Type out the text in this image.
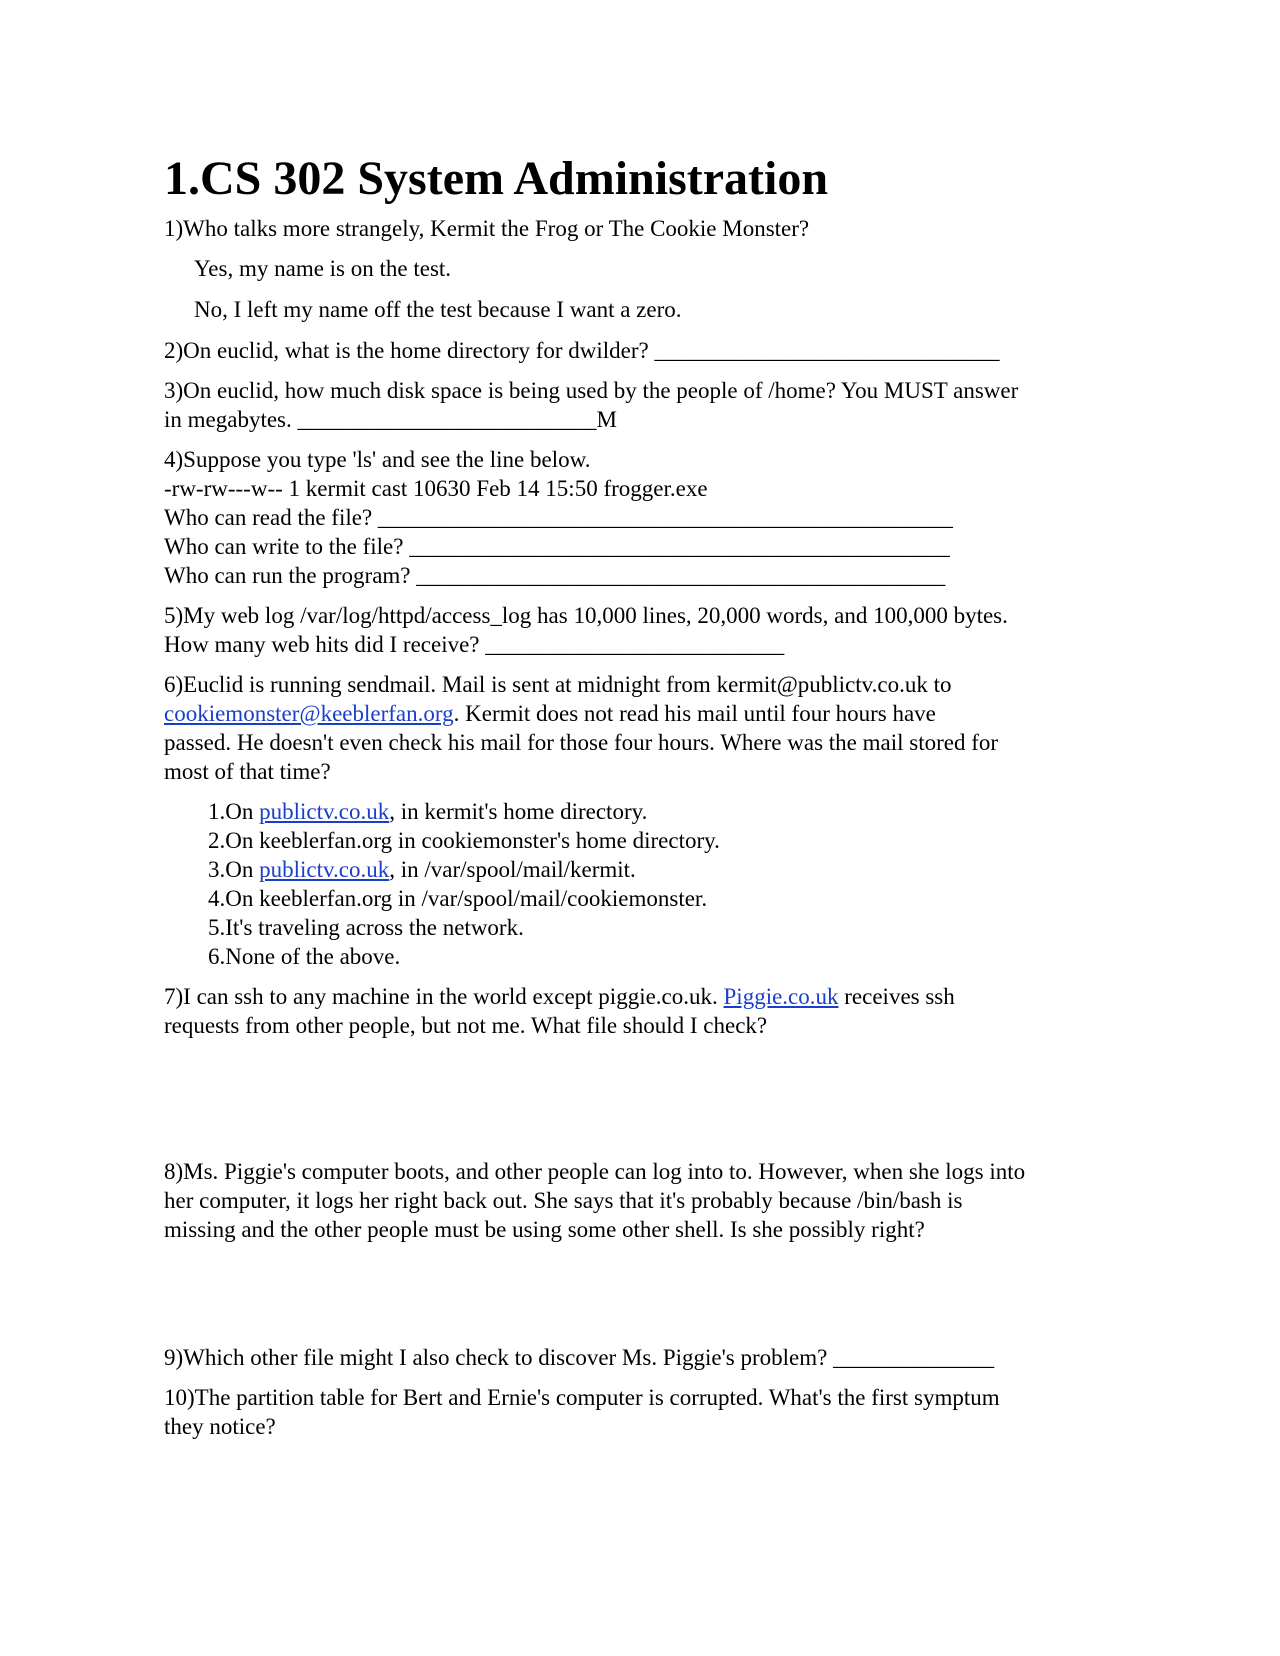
1.CS 302 System Administration
1)Who talks more strangely, Kermit the Frog or The Cookie Monster?
Yes, my name is on the test.
No, I left my name off the test because I want a zero.
2)On euclid, what is the home directory for dwilder? ______________________________
3)On euclid, how much disk space is being used by the people of /home? You MUST answer
in megabytes. __________________________M
4)Suppose you type 'ls' and see the line below.
-rw-rw---w-- 1 kermit cast 10630 Feb 14 15:50 frogger.exe
Who can read the file? __________________________________________________
Who can write to the file? _______________________________________________
Who can run the program? ______________________________________________
5)My web log /var/log/httpd/access_log has 10,000 lines, 20,000 words, and 100,000 bytes.
How many web hits did I receive? __________________________
6)Euclid is running sendmail. Mail is sent at midnight from kermit@publictv.co.uk to
cookiemonster@keeblerfan.org. Kermit does not read his mail until four hours have
passed. He doesn't even check his mail for those four hours. Where was the mail stored for
most of that time?
1.On publictv.co.uk, in kermit's home directory.
2.On keeblerfan.org in cookiemonster's home directory.
3.On publictv.co.uk, in /var/spool/mail/kermit.
4.On keeblerfan.org in /var/spool/mail/cookiemonster.
5.It's traveling across the network.
6.None of the above.
7)I can ssh to any machine in the world except piggie.co.uk. Piggie.co.uk receives ssh
requests from other people, but not me. What file should I check?
8)Ms. Piggie's computer boots, and other people can log into to. However, when she logs into
her computer, it logs her right back out. She says that it's probably because /bin/bash is
missing and the other people must be using some other shell. Is she possibly right?
9)Which other file might I also check to discover Ms. Piggie's problem? ______________
10)The partition table for Bert and Ernie's computer is corrupted. What's the first symptum
they notice?
